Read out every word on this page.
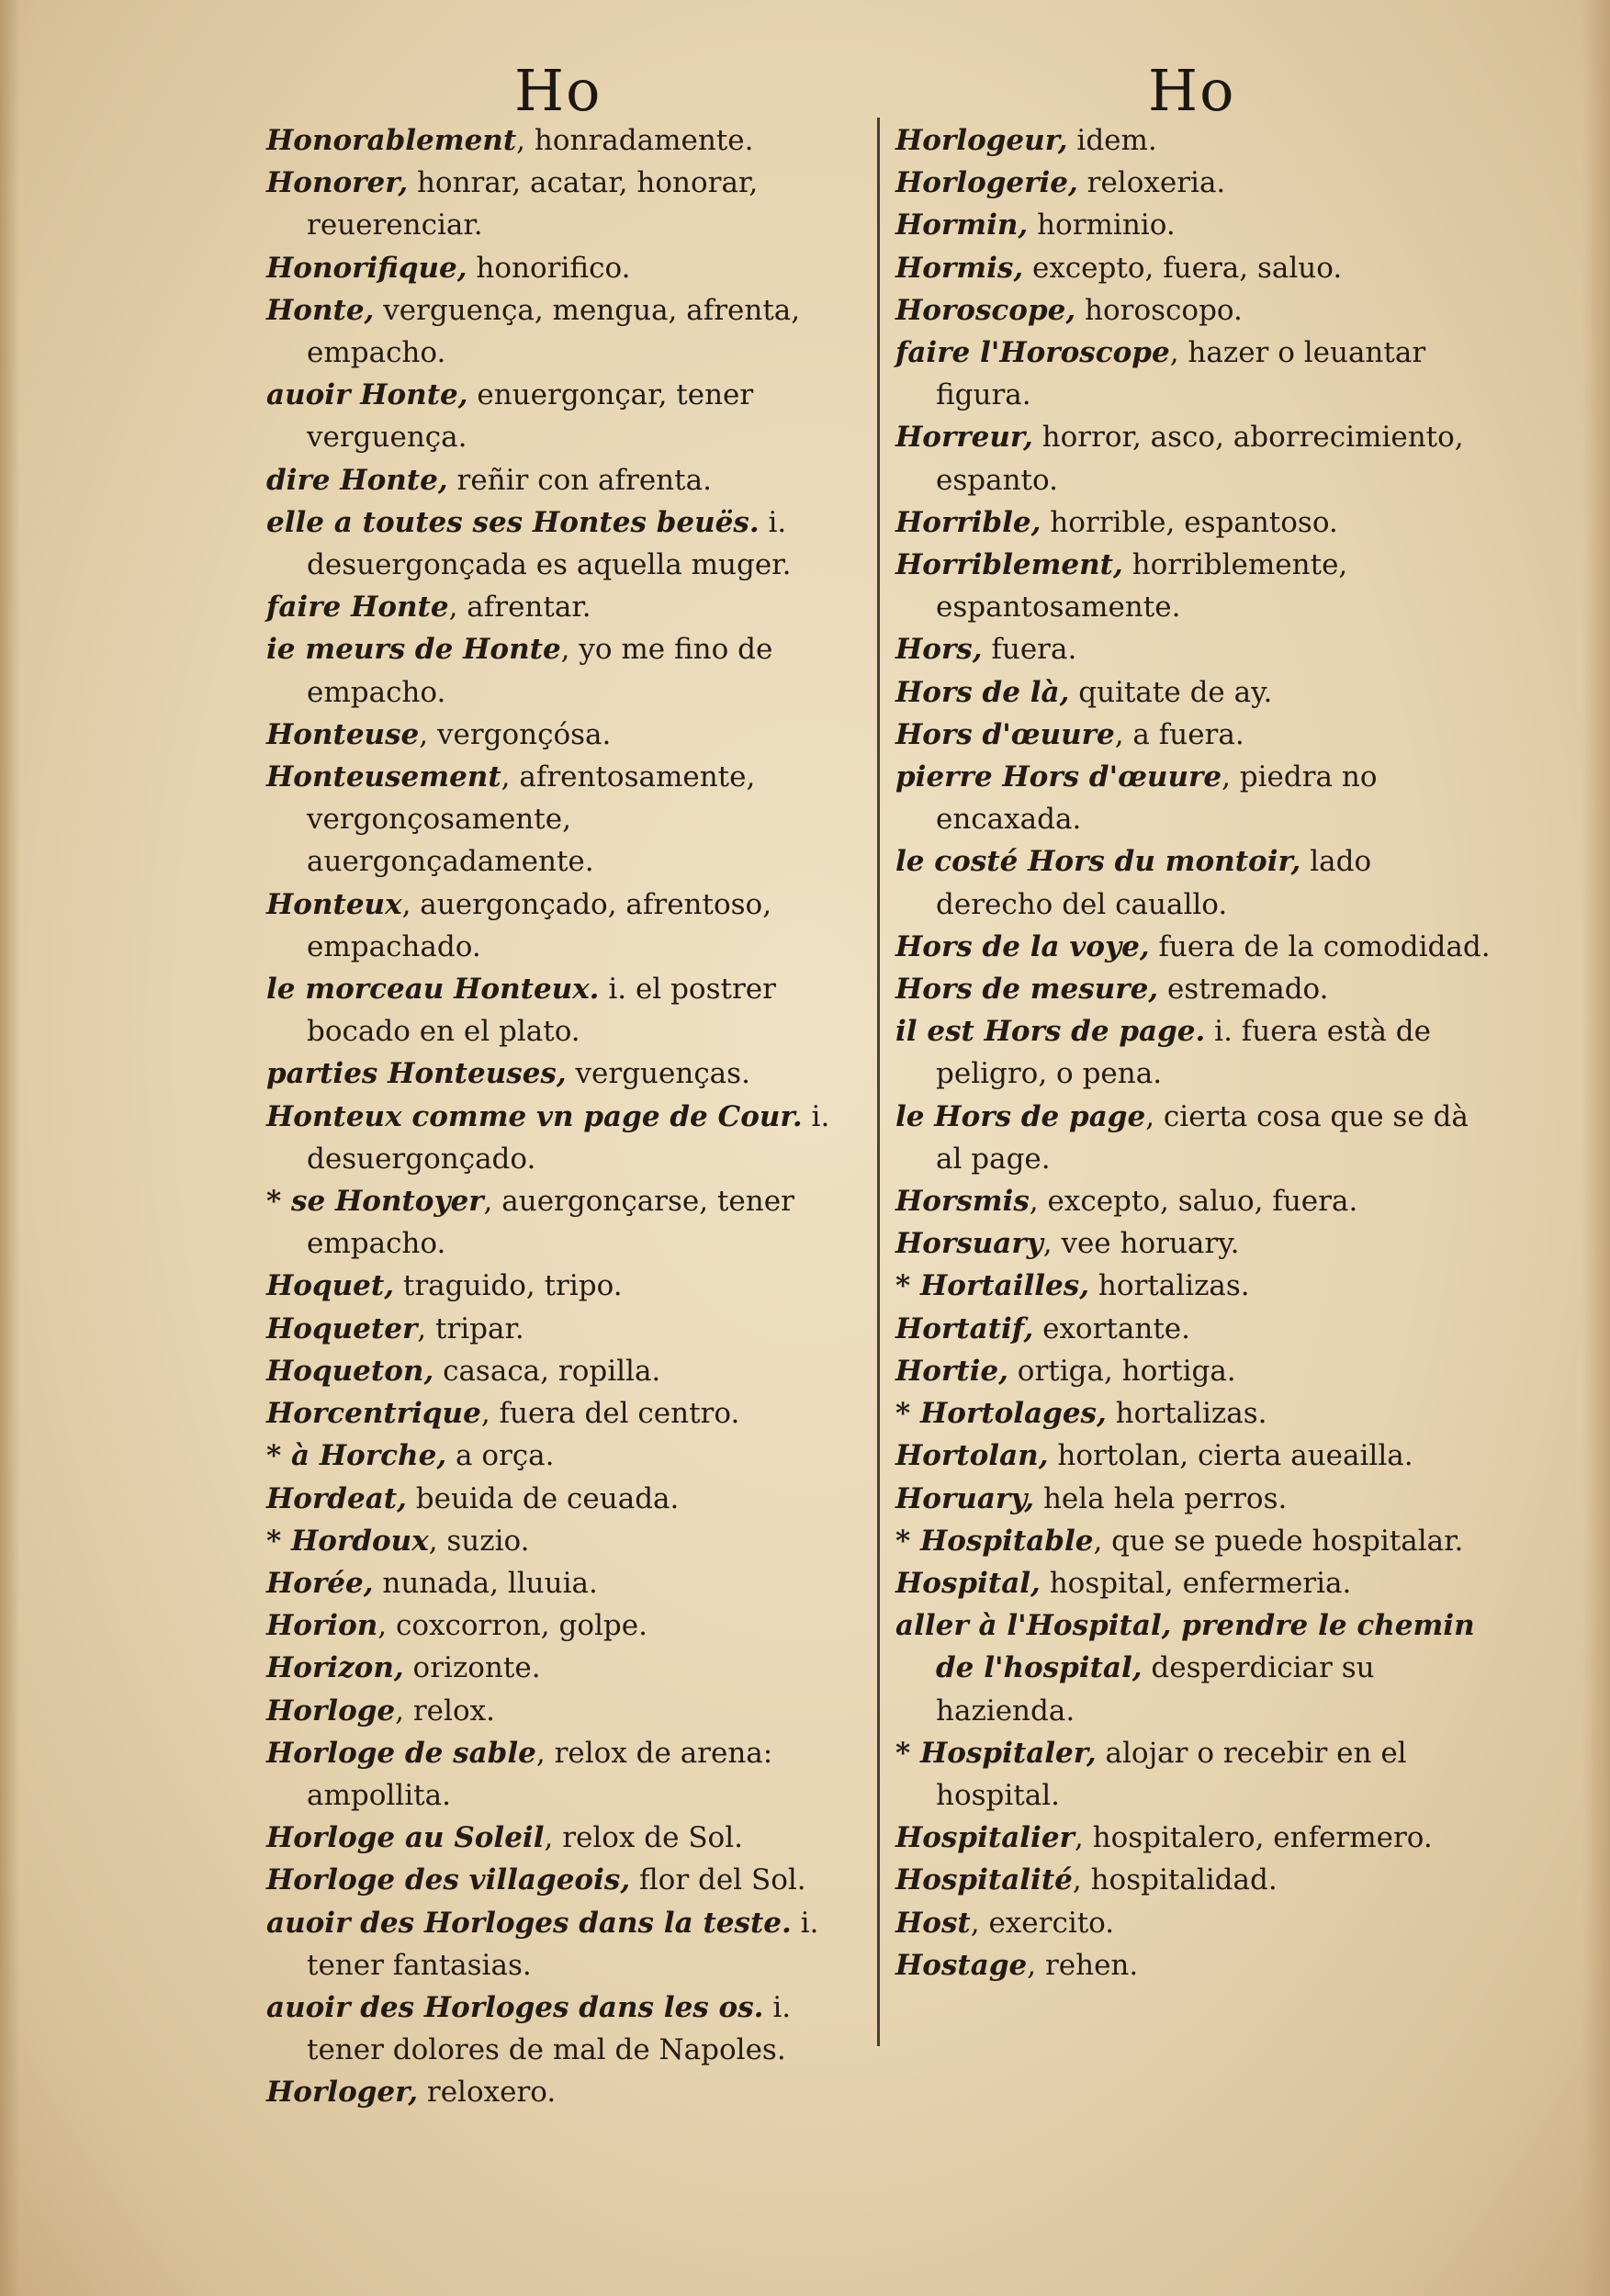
Ho	Ho

Honorablement, honradamente.

Honorer, honrar, acatar, honorar, reuerenciar.

Honorifique, honorifico.

Honte, verguença, mengua, afrenta, empacho.

auoir Honte, enuergonçar, tener verguença.

dire Honte, reñir con afrenta.

elle a toutes ses Hontes beuës. i. desuergonçada es aquella muger.

faire Honte, afrentar.

ie meurs de Honte, yo me fino de empacho.

Honteuse, vergonçósa.

Honteusement, afrentosamente, vergonçosamente, auergonçadamente.

Honteux, auergonçado, afrentoso, empachado.

le morceau Honteux. i. el postrer bocado en el plato.

parties Honteuses, verguenças.

Honteux comme vn page de Cour. i. desuergonçado.

* se Hontoyer, auergonçarse, tener empacho.

Hoquet, traguido, tripo.

Hoqueter, tripar.

Hoqueton, casaca, ropilla.

Horcentrique, fuera del centro.

* à Horche, a orça.

Hordeat, beuida de ceuada.

* Hordoux, suzio.

Horée, nunada, lluuia.

Horion, coxcorron, golpe.

Horizon, orizonte.

Horloge, relox.

Horloge de sable, relox de arena: ampollita.

Horloge au Soleil, relox de Sol.

Horloge des villageois, flor del Sol.

auoir des Horloges dans la teste. i. tener fantasias.

auoir des Horloges dans les os. i. tener dolores de mal de Napoles.

Horloger, reloxero.

Horlogeur, idem.

Horlogerie, reloxeria.

Hormin, horminio.

Hormis, excepto, fuera, saluo.

Horoscope, horoscopo.

faire l'Horoscope, hazer o leuantar figura.

Horreur, horror, asco, aborrecimiento, espanto.

Horrible, horrible, espantoso.

Horriblement, horriblemente, espantosamente.

Hors, fuera.

Hors de là, quitate de ay.

Hors d'œuure, a fuera.

pierre Hors d'œuure, piedra no encaxada.

le costé Hors du montoir, lado derecho del cauallo.

Hors de la voye, fuera de la comodidad.

Hors de mesure, estremado.

il est Hors de page. i. fuera està de peligro, o pena.

le Hors de page, cierta cosa que se dà al page.

Horsmis, excepto, saluo, fuera.

Horsuary, vee horuary.

* Hortailles, hortalizas.

Hortatif, exortante.

Hortie, ortiga, hortiga.

* Hortolages, hortalizas.

Hortolan, hortolan, cierta aueailla.

Horuary, hela hela perros.

* Hospitable, que se puede hospitalar.

Hospital, hospital, enfermeria.

aller à l'Hospital, prendre le chemin de l'hospital, desperdiciar su hazienda.

* Hospitaler, alojar o recebir en el hospital.

Hospitalier, hospitalero, enfermero.

Hospitalité, hospitalidad.

Host, exercito.

Hostage, rehen.
